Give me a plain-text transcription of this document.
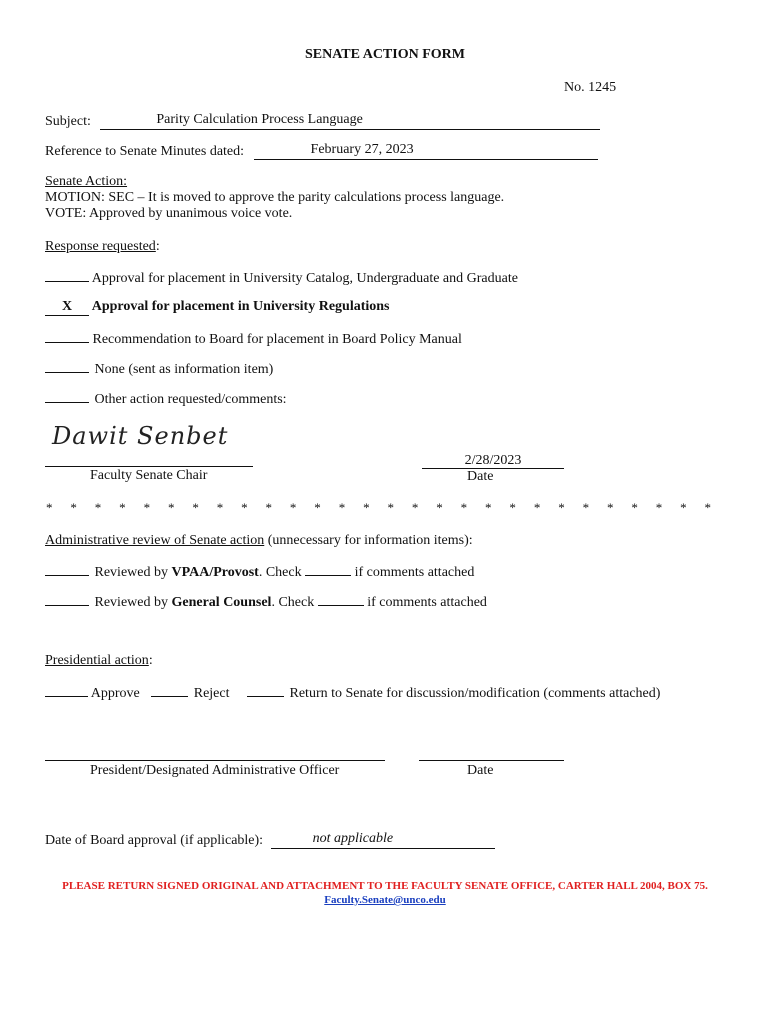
SENATE ACTION FORM
No. 1245
Subject:	Parity Calculation Process Language
Reference to Senate Minutes dated:	February 27, 2023
Senate Action:
MOTION: SEC – It is moved to approve the parity calculations process language.
VOTE: Approved by unanimous voice vote.
Response requested:
Approval for placement in University Catalog, Undergraduate and Graduate
X Approval for placement in University Regulations
Recommendation to Board for placement in Board Policy Manual
None (sent as information item)
Other action requested/comments:
Dawit Senbet
Faculty Senate Chair
2/28/2023
Date
* * * * * * * * * * * * * * * * * * * * * * * * * * * *
Administrative review of Senate action (unnecessary for information items):
Reviewed by VPAA/Provost. Check	if comments attached
Reviewed by General Counsel. Check	if comments attached
Presidential action:
Approve	Reject	Return to Senate for discussion/modification (comments attached)
President/Designated Administrative Officer	Date
Date of Board approval (if applicable):	not applicable
PLEASE RETURN SIGNED ORIGINAL AND ATTACHMENT TO THE FACULTY SENATE OFFICE, CARTER HALL 2004, BOX 75.
Faculty.Senate@unco.edu
